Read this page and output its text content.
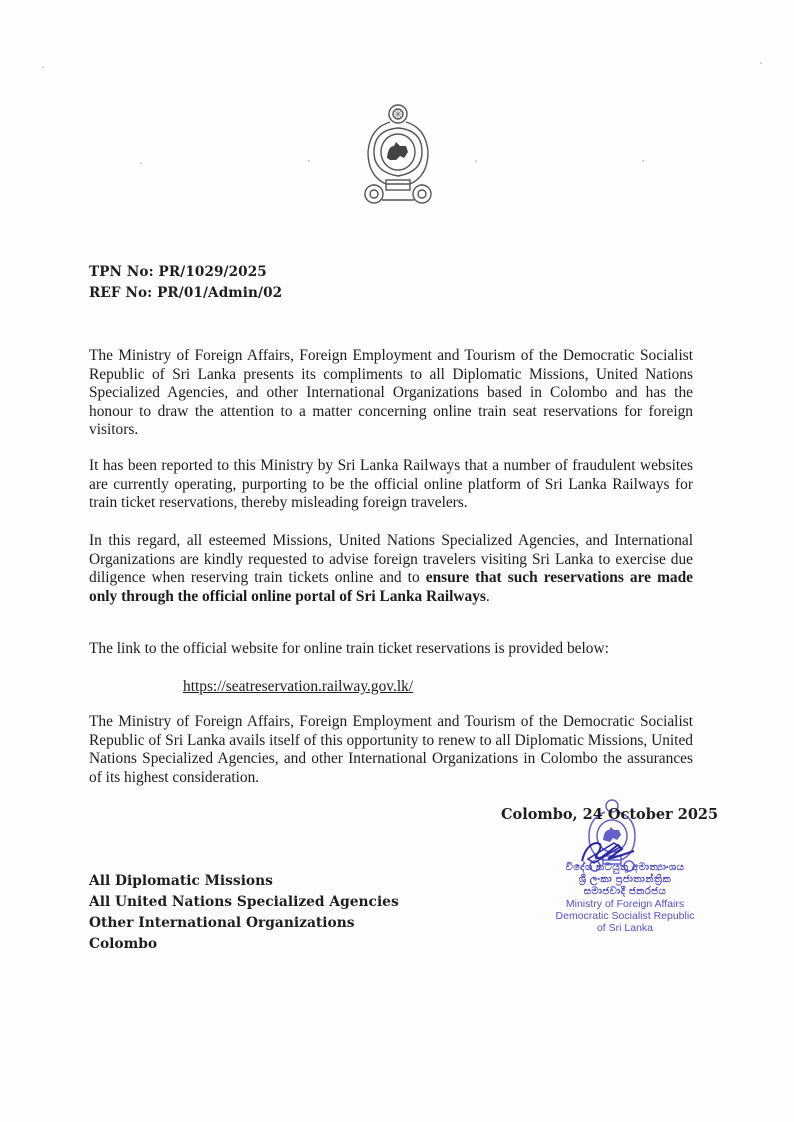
TPN No: PR/1029/2025
REF No: PR/01/Admin/02
The Ministry of Foreign Affairs, Foreign Employment and Tourism of the Democratic Socialist Republic of Sri Lanka presents its compliments to all Diplomatic Missions, United Nations Specialized Agencies, and other International Organizations based in Colombo and has the honour to draw the attention to a matter concerning online train seat reservations for foreign visitors.
It has been reported to this Ministry by Sri Lanka Railways that a number of fraudulent websites are currently operating, purporting to be the official online platform of Sri Lanka Railways for train ticket reservations, thereby misleading foreign travelers.
In this regard, all esteemed Missions, United Nations Specialized Agencies, and International Organizations are kindly requested to advise foreign travelers visiting Sri Lanka to exercise due diligence when reserving train tickets online and to ensure that such reservations are made only through the official online portal of Sri Lanka Railways.
The link to the official website for online train ticket reservations is provided below:
https://seatreservation.railway.gov.lk/
The Ministry of Foreign Affairs, Foreign Employment and Tourism of the Democratic Socialist Republic of Sri Lanka avails itself of this opportunity to renew to all Diplomatic Missions, United Nations Specialized Agencies, and other International Organizations in Colombo the assurances of its highest consideration.
Colombo, 24 October 2025
විදේශ කටයුතු අමාත්‍යාංශය
ශ්‍රී ලංකා ප්‍රජාතාන්ත්‍රික
සමාජවාදී ජනරජය
Ministry of Foreign Affairs
Democratic Socialist Republic
of Sri Lanka
All Diplomatic Missions
All United Nations Specialized Agencies
Other International Organizations
Colombo
